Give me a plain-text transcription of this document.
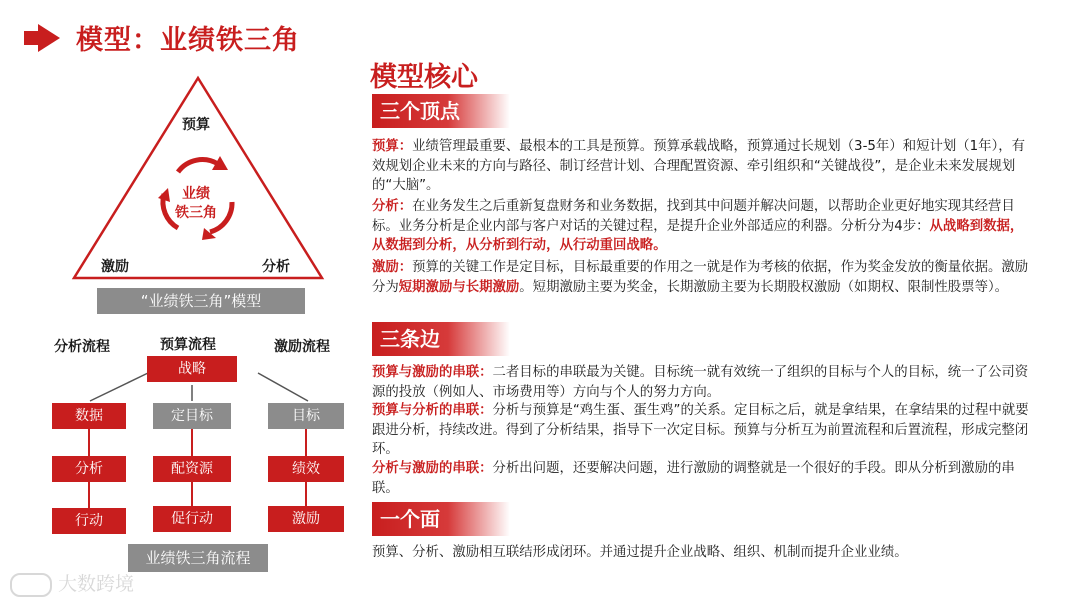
模型：业绩铁三角
预算
激励	分析
业绩
铁三角
“业绩铁三角”模型
分析流程	预算流程	激励流程
战略
数据
分析
行动
定目标
配资源
促行动
目标
绩效
激励
业绩铁三角流程
大数跨境
模型核心
三个顶点
预算：业绩管理最重要、最根本的工具是预算。预算承载战略，预算通过长规划（3-5年）和短计划（1年），有效规划企业未来的方向与路径、制订经营计划、合理配置资源、牵引组织和“关键战役”，是企业未来发展规划的“大脑”。
分析：在业务发生之后重新复盘财务和业务数据，找到其中问题并解决问题，以帮助企业更好地实现其经营目标。业务分析是企业内部与客户对话的关键过程，是提升企业外部适应的利器。分析分为4步：从战略到数据，从数据到分析，从分析到行动，从行动重回战略。
激励：预算的关键工作是定目标，目标最重要的作用之一就是作为考核的依据，作为奖金发放的衡量依据。激励分为短期激励与长期激励。短期激励主要为奖金，长期激励主要为长期股权激励（如期权、限制性股票等）。
三条边
预算与激励的串联：二者目标的串联最为关键。目标统一就有效统一了组织的目标与个人的目标，统一了公司资源的投放（例如人、市场费用等）方向与个人的努力方向。
预算与分析的串联：分析与预算是“鸡生蛋、蛋生鸡”的关系。定目标之后，就是拿结果，在拿结果的过程中就要跟进分析，持续改进。得到了分析结果，指导下一次定目标。预算与分析互为前置流程和后置流程，形成完整闭环。
分析与激励的串联：分析出问题，还要解决问题，进行激励的调整就是一个很好的手段。即从分析到激励的串联。
一个面
预算、分析、激励相互联结形成闭环。并通过提升企业战略、组织、机制而提升企业业绩。
